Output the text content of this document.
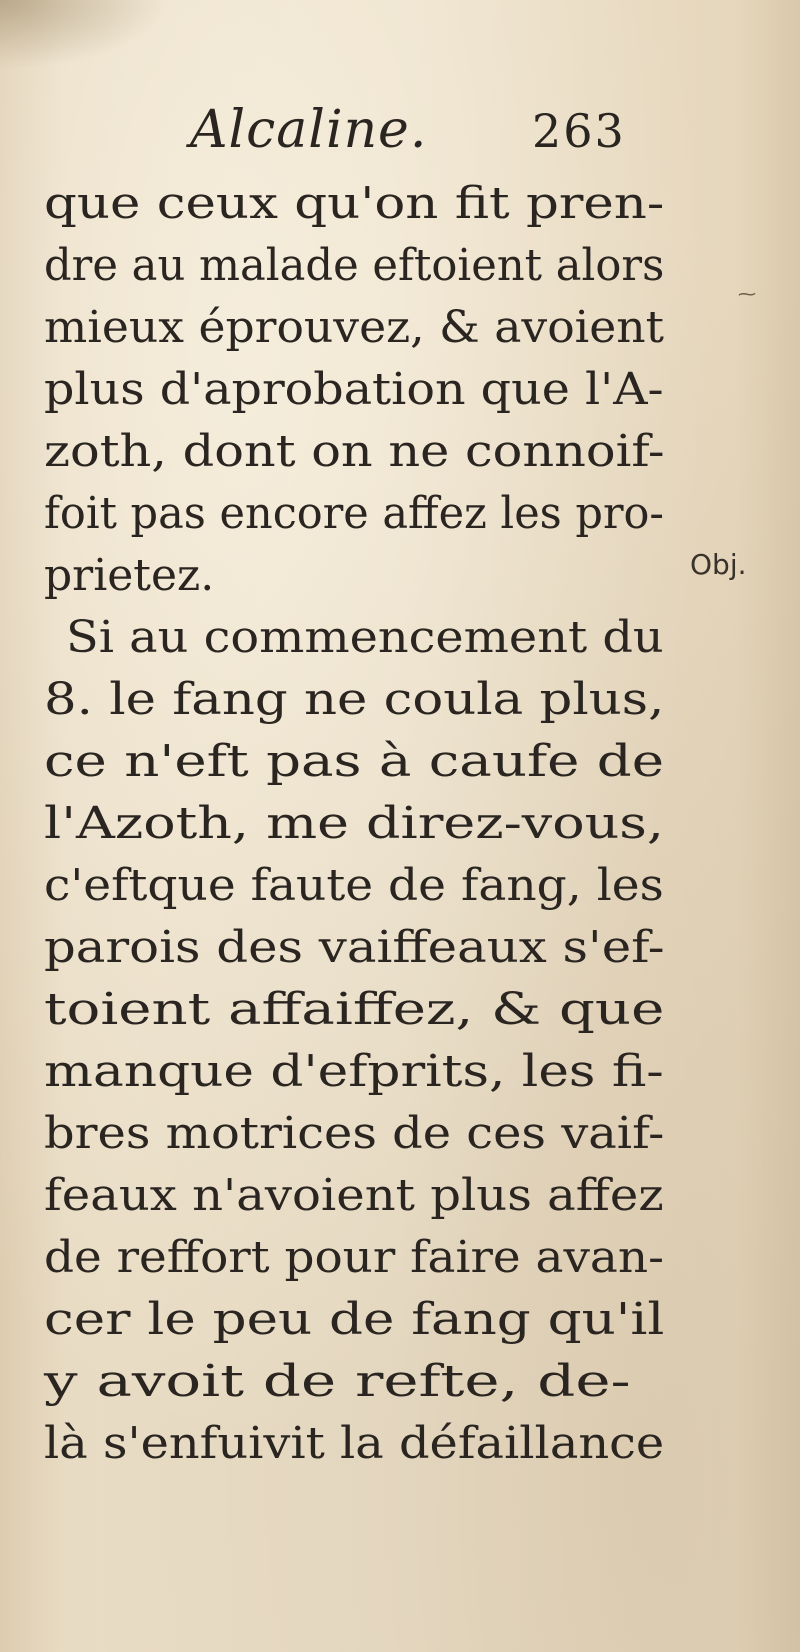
Alcaline. 263
que ceux qu'on fit pren-
dre au malade eftoient alors
mieux éprouvez, & avoient
plus d'aprobation que l'A-
zoth, dont on ne connoif-
foit pas encore affez les pro-
prietez.
Si au commencement du
8. le fang ne coula plus,
ce n'eft pas à caufe de
l'Azoth, me direz-vous,
c'eftque faute de fang, les
parois des vaiffeaux s'ef-
toient affaiffez, & que
manque d'efprits, les fi-
bres motrices de ces vaif-
feaux n'avoient plus affez
de reffort pour faire avan-
cer le peu de fang qu'il
y avoit de refte, de-
là s'enfuivit la défaillance
Obj.
⁓
